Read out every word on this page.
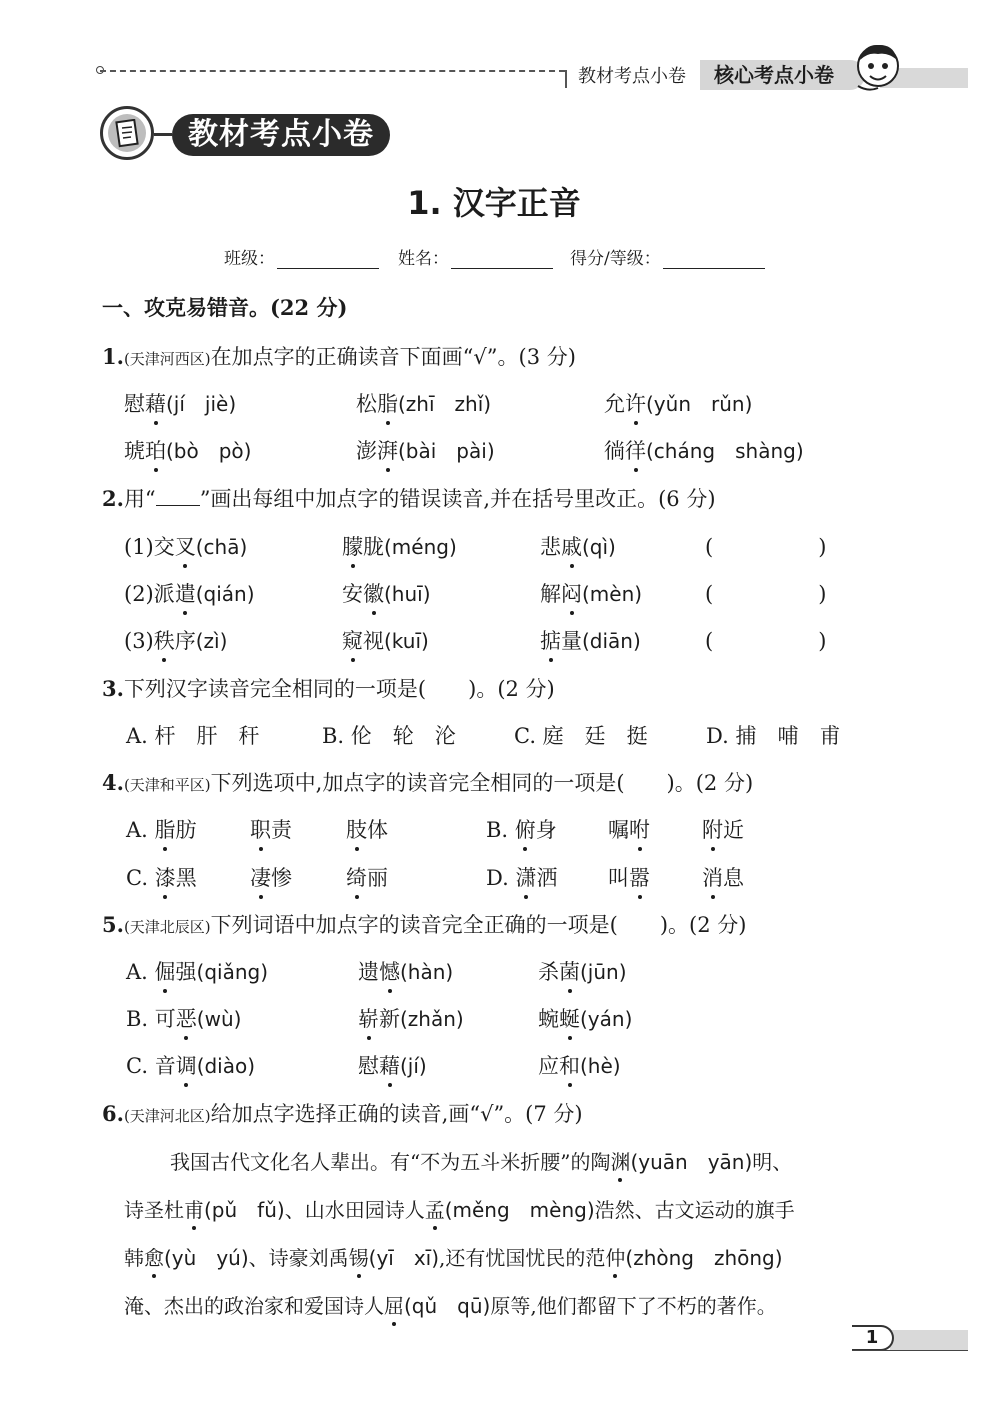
教材考点小卷	核心考点小卷
教材考点小卷
1. 汉字正音
班级：	姓名：	得分/等级：
一、攻克易错音。(22 分)
1.(天津河西区)在加点字的正确读音下面画“√”。(3 分)
慰藉(jí　jiè)	松脂(zhī　zhǐ)	允许(yǔn　rǔn)
琥珀(bò　pò)	澎湃(bài　pài)	徜徉(cháng　shàng)
2.用“ ”画出每组中加点字的错误读音,并在括号里改正。(6 分)
(1)交叉(chā)	朦胧(méng)	悲戚(qì)	(　　　　　)
(2)派遣(qián)	安徽(huī)	解闷(mèn)	(　　　　　)
(3)秩序(zì)	窥视(kuī)	掂量(diān)	(　　　　　)
3.下列汉字读音完全相同的一项是(　　)。(2 分)
A. 杆　肝　秆	B. 伦　轮　沦	C. 庭　廷　挺	D. 捕　哺　甫
4.(天津和平区)下列选项中,加点字的读音完全相同的一项是(　　)。(2 分)
A. 脂肪	职责	肢体	B. 俯身 嘱咐 附近
C. 漆黑	凄惨	绮丽	D. 潇洒 叫嚣 消息
5.(天津北辰区)下列词语中加点字的读音完全正确的一项是(　　)。(2 分)
A. 倔强(qiǎng)	遗憾(hàn)	杀菌(jūn)
B. 可恶(wù)	崭新(zhǎn)	蜿蜒(yán)
C. 音调(diào)	慰藉(jí)	应和(hè)
6.(天津河北区)给加点字选择正确的读音,画“√”。(7 分)
我国古代文化名人辈出。有“不为五斗米折腰”的陶渊(yuān　yān)明、
诗圣杜甫(pǔ　fǔ)、山水田园诗人孟(měng　mèng)浩然、古文运动的旗手
韩愈(yù　yú)、诗豪刘禹锡(yī　xī),还有忧国忧民的范仲(zhòng　zhōng)
淹、杰出的政治家和爱国诗人屈(qǔ　qū)原等,他们都留下了不朽的著作。
1
